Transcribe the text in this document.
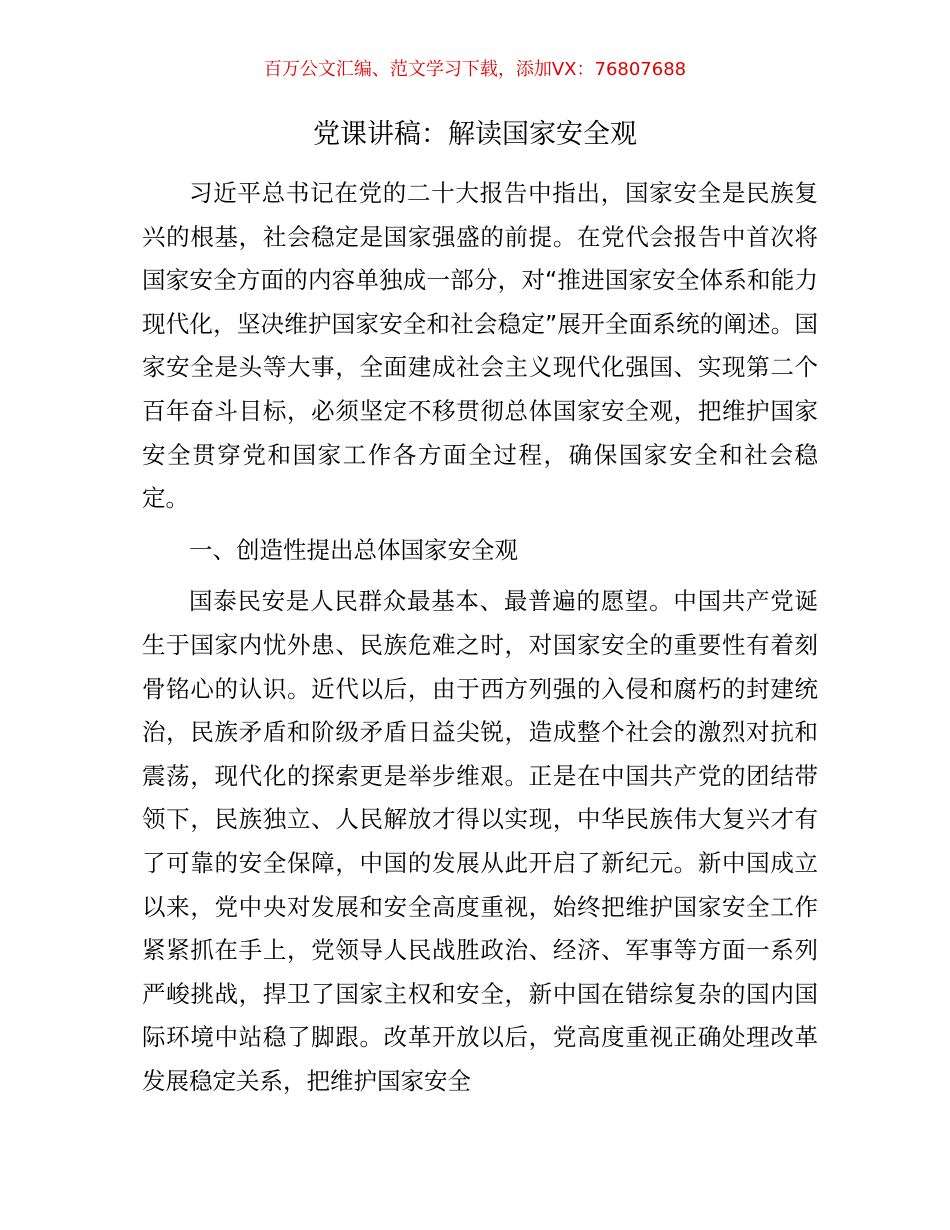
百万公文汇编、范文学习下载，添加VX：76807688
党课讲稿：解读国家安全观

习近平总书记在党的二十大报告中指出，国家安全是民族复兴的根基，社会稳定是国家强盛的前提。在党代会报告中首次将国家安全方面的内容单独成一部分，对“推进国家安全体系和能力现代化，坚决维护国家安全和社会稳定”展开全面系统的阐述。国家安全是头等大事，全面建成社会主义现代化强国、实现第二个百年奋斗目标，必须坚定不移贯彻总体国家安全观，把维护国家安全贯穿党和国家工作各方面全过程，确保国家安全和社会稳定。

一、创造性提出总体国家安全观

国泰民安是人民群众最基本、最普遍的愿望。中国共产党诞生于国家内忧外患、民族危难之时，对国家安全的重要性有着刻骨铭心的认识。近代以后，由于西方列强的入侵和腐朽的封建统治，民族矛盾和阶级矛盾日益尖锐，造成整个社会的激烈对抗和震荡，现代化的探索更是举步维艰。正是在中国共产党的团结带领下，民族独立、人民解放才得以实现，中华民族伟大复兴才有了可靠的安全保障，中国的发展从此开启了新纪元。新中国成立以来，党中央对发展和安全高度重视，始终把维护国家安全工作紧紧抓在手上，党领导人民战胜政治、经济、军事等方面一系列严峻挑战，捍卫了国家主权和安全，新中国在错综复杂的国内国际环境中站稳了脚跟。改革开放以后，党高度重视正确处理改革发展稳定关系，把维护国家安全
